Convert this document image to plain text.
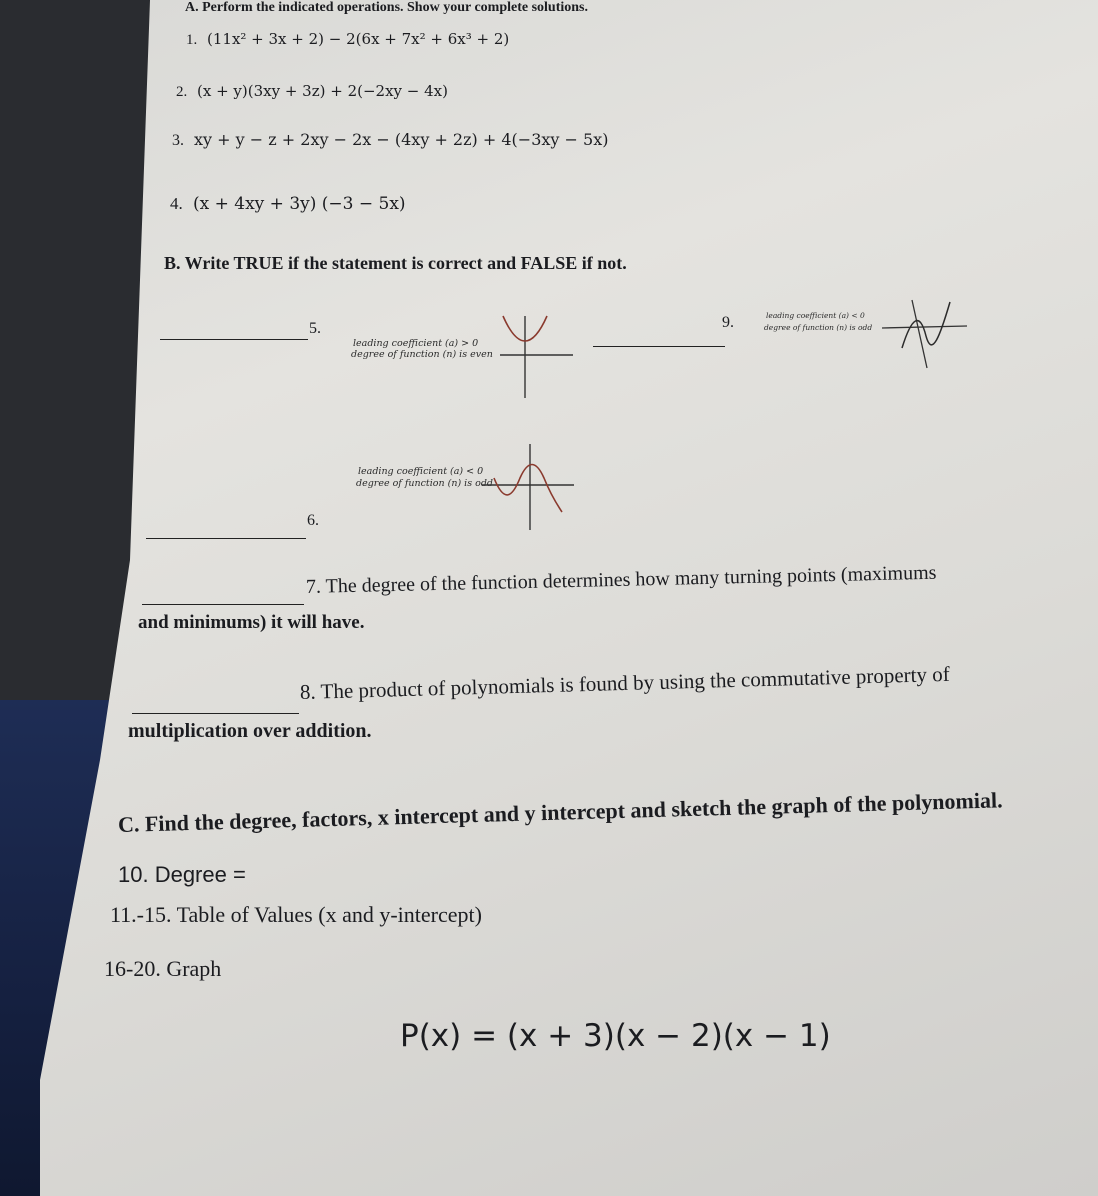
A. Perform the indicated operations. Show your complete solutions.
1. (11x² + 3x + 2) − 2(6x + 7x² + 6x³ + 2)
2. (x + y)(3xy + 3z) + 2(−2xy − 4x)
3. xy + y − z + 2xy − 2x − (4xy + 2z) + 4(−3xy − 5x)
4. (x + 4xy + 3y) (−3 − 5x)
B. Write TRUE if the statement is correct and FALSE if not.
5.
leading coefficient (a) > 0
degree of function (n) is even
9.	leading coefficient (a) < 0
degree of function (n) is odd
leading coefficient (a) < 0
degree of function (n) is odd
6.
7. The degree of the function determines how many turning points (maximums
and minimums) it will have.
8. The product of polynomials is found by using the commutative property of
multiplication over addition.
C. Find the degree, factors, x intercept and y intercept and sketch the graph of the polynomial.
10. Degree =
11.-15. Table of Values (x and y-intercept)
16-20. Graph
P(x) = (x + 3)(x − 2)(x − 1)
